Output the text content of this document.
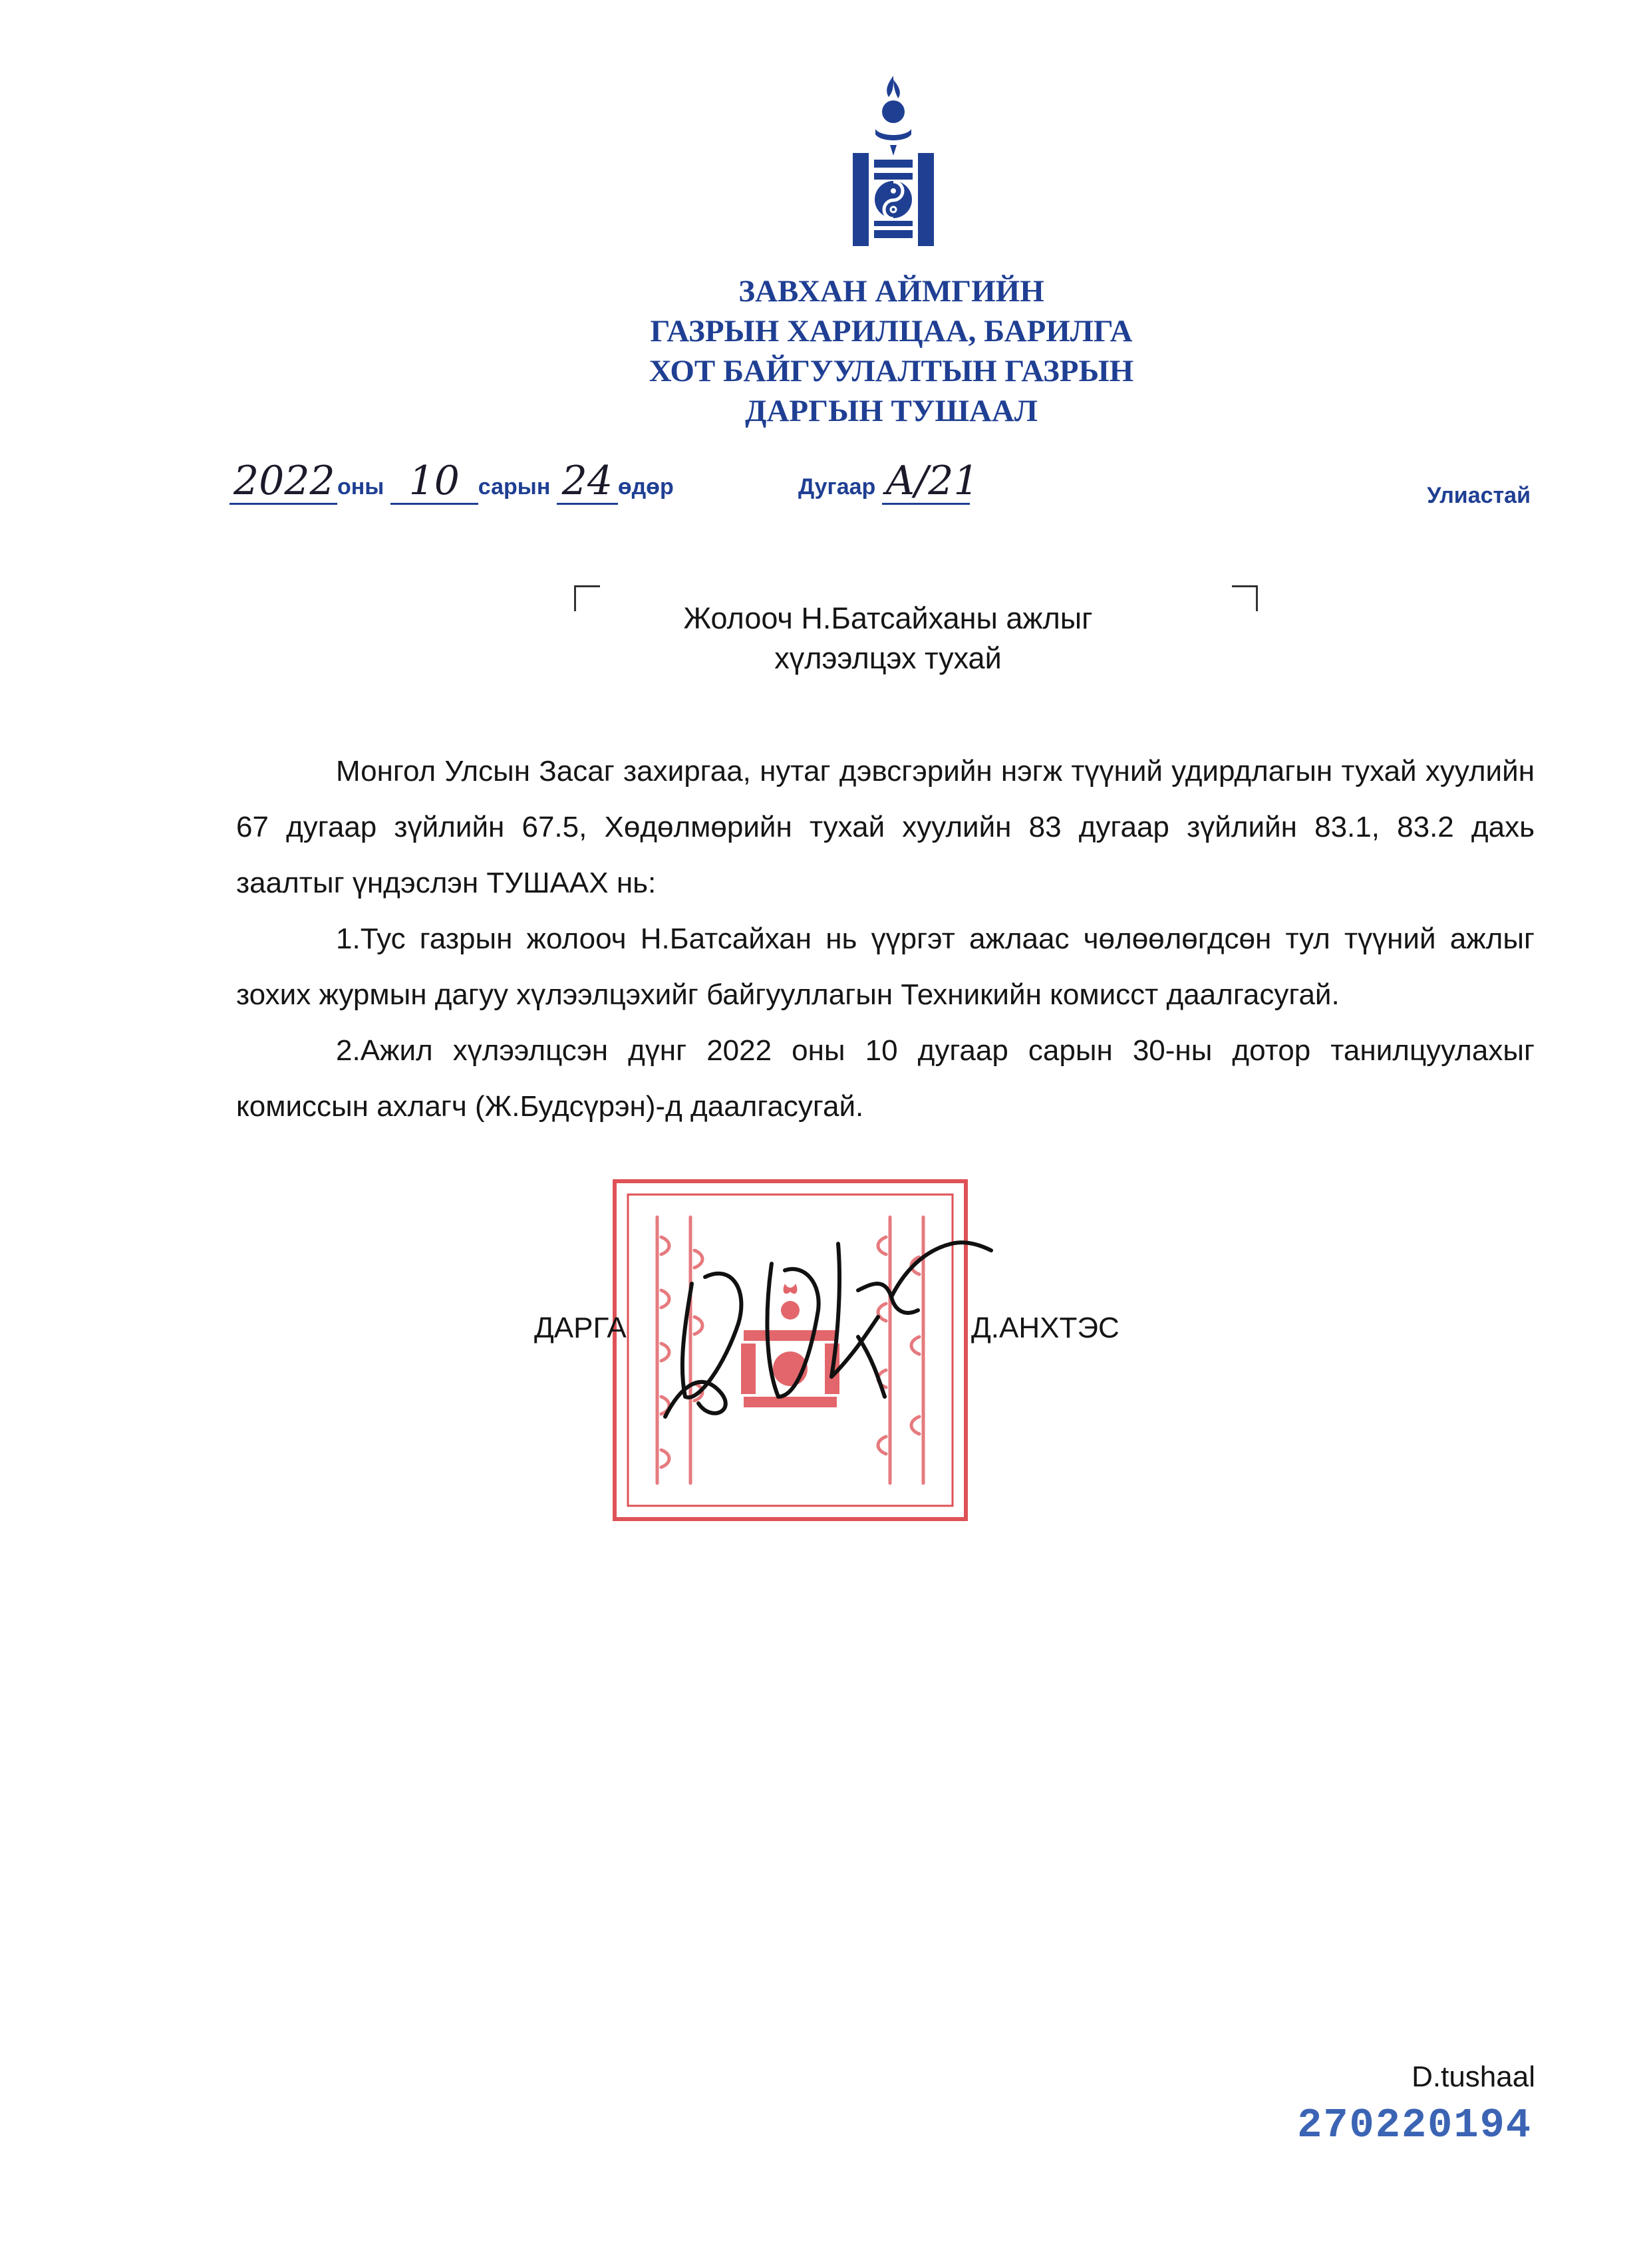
ЗАВХАН АЙМГИЙН
ГАЗРЫН ХАРИЛЦАА, БАРИЛГА
ХОТ БАЙГУУЛАЛТЫН ГАЗРЫН
ДАРГЫН ТУШААЛ
2022оны 10 сарын 24 өдөр	Дугаар A/21	Улиастай
Жолооч Н.Батсайханы ажлыг
хүлээлцэх тухай

Монгол Улсын Засаг захиргаа, нутаг дэвсгэрийн нэгж түүний удирдлагын тухай хуулийн 67 дугаар зүйлийн 67.5, Хөдөлмөрийн тухай хуулийн 83 дугаар зүйлийн 83.1, 83.2 дахь заалтыг үндэслэн ТУШААХ нь:

1.Тус газрын жолооч Н.Батсайхан нь үүргэт ажлаас чөлөөлөгдсөн тул түүний ажлыг зохих журмын дагуу хүлээлцэхийг байгууллагын Техникийн комисст даалгасугай.

2.Ажил хүлээлцсэн дүнг 2022 оны 10 дугаар сарын 30-ны дотор танилцуулахыг комиссын ахлагч (Ж.Будсүрэн)-д даалгасугай.

ДАРГА	Д.АНХТЭС
D.tushaal
270220194
